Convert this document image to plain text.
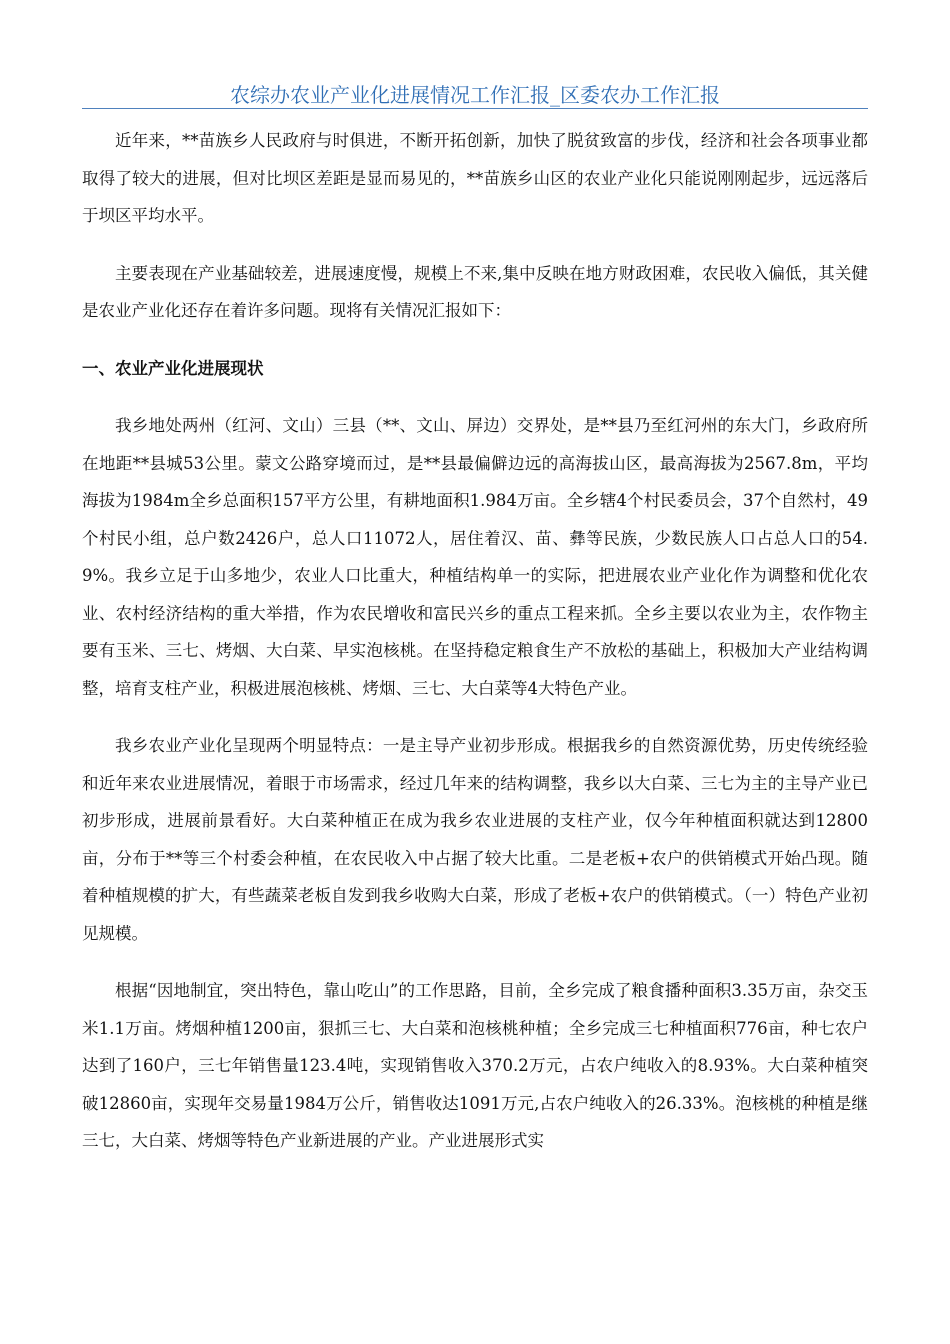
农综办农业产业化进展情况工作汇报_区委农办工作汇报

近年来，**苗族乡人民政府与时俱进，不断开拓创新，加快了脱贫致富的步伐，经济和社会各项事业都取得了较大的进展，但对比坝区差距是显而易见的，**苗族乡山区的农业产业化只能说刚刚起步，远远落后于坝区平均水平。

主要表现在产业基础较差，进展速度慢，规模上不来,集中反映在地方财政困难，农民收入偏低，其关健是农业产业化还存在着许多问题。现将有关情况汇报如下：

一、农业产业化进展现状

我乡地处两州（红河、文山）三县（**、文山、屏边）交界处，是**县乃至红河州的东大门，乡政府所在地距**县城53公里。蒙文公路穿境而过，是**县最偏僻边远的高海拔山区，最高海拔为2567.8m，平均海拔为1984m全乡总面积157平方公里，有耕地面积1.984万亩。全乡辖4个村民委员会，37个自然村，49个村民小组，总户数2426户，总人口11072人，居住着汉、苗、彝等民族，少数民族人口占总人口的54.9%。我乡立足于山多地少，农业人口比重大，种植结构单一的实际，把进展农业产业化作为调整和优化农业、农村经济结构的重大举措，作为农民增收和富民兴乡的重点工程来抓。全乡主要以农业为主，农作物主要有玉米、三七、烤烟、大白菜、早实泡核桃。在坚持稳定粮食生产不放松的基础上，积极加大产业结构调整，培育支柱产业，积极进展泡核桃、烤烟、三七、大白菜等4大特色产业。

我乡农业产业化呈现两个明显特点：一是主导产业初步形成。根据我乡的自然资源优势，历史传统经验和近年来农业进展情况，着眼于市场需求，经过几年来的结构调整，我乡以大白菜、三七为主的主导产业已初步形成，进展前景看好。大白菜种植正在成为我乡农业进展的支柱产业，仅今年种植面积就达到12800亩，分布于**等三个村委会种植，在农民收入中占据了较大比重。二是老板+农户的供销模式开始凸现。随着种植规模的扩大，有些蔬菜老板自发到我乡收购大白菜，形成了老板+农户的供销模式。（一）特色产业初见规模。

根据“因地制宜，突出特色，靠山吃山”的工作思路，目前，全乡完成了粮食播种面积3.35万亩，杂交玉米1.1万亩。烤烟种植1200亩，狠抓三七、大白菜和泡核桃种植；全乡完成三七种植面积776亩，种七农户达到了160户，三七年销售量123.4吨，实现销售收入370.2万元，占农户纯收入的8.93%。大白菜种植突破12860亩，实现年交易量1984万公斤，销售收达1091万元,占农户纯收入的26.33%。泡核桃的种植是继三七，大白菜、烤烟等特色产业新进展的产业。产业进展形式实
